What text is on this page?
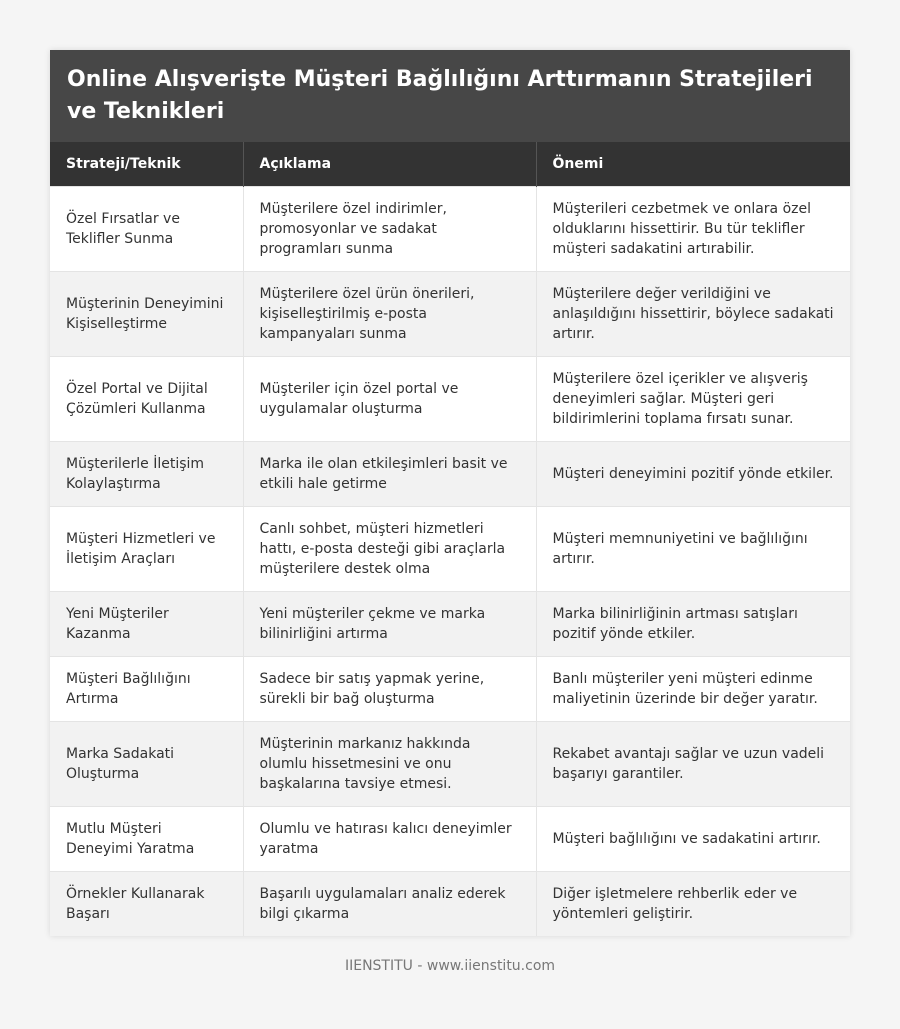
Online Alışverişte Müşteri Bağlılığını Arttırmanın Stratejileri ve Teknikleri
Strateji/Teknik	Açıklama	Önemi
Özel Fırsatlar ve Teklifler Sunma	Müşterilere özel indirimler, promosyonlar ve sadakat programları sunma	Müşterileri cezbetmek ve onlara özel olduklarını hissettirir. Bu tür teklifler müşteri sadakatini artırabilir.
Müşterinin Deneyimini Kişiselleştirme	Müşterilere özel ürün önerileri, kişiselleştirilmiş e-posta kampanyaları sunma	Müşterilere değer verildiğini ve anlaşıldığını hissettirir, böylece sadakati artırır.
Özel Portal ve Dijital Çözümleri Kullanma	Müşteriler için özel portal ve uygulamalar oluşturma	Müşterilere özel içerikler ve alışveriş deneyimleri sağlar. Müşteri geri bildirimlerini toplama fırsatı sunar.
Müşterilerle İletişim Kolaylaştırma	Marka ile olan etkileşimleri basit ve etkili hale getirme	Müşteri deneyimini pozitif yönde etkiler.
Müşteri Hizmetleri ve İletişim Araçları	Canlı sohbet, müşteri hizmetleri hattı, e-posta desteği gibi araçlarla müşterilere destek olma	Müşteri memnuniyetini ve bağlılığını artırır.
Yeni Müşteriler Kazanma	Yeni müşteriler çekme ve marka bilinirliğini artırma	Marka bilinirliğinin artması satışları pozitif yönde etkiler.
Müşteri Bağlılığını Artırma	Sadece bir satış yapmak yerine, sürekli bir bağ oluşturma	Banlı müşteriler yeni müşteri edinme maliyetinin üzerinde bir değer yaratır.
Marka Sadakati Oluşturma	Müşterinin markanız hakkında olumlu hissetmesini ve onu başkalarına tavsiye etmesi.	Rekabet avantajı sağlar ve uzun vadeli başarıyı garantiler.
Mutlu Müşteri Deneyimi Yaratma	Olumlu ve hatırası kalıcı deneyimler yaratma	Müşteri bağlılığını ve sadakatini artırır.
Örnekler Kullanarak Başarı	Başarılı uygulamaları analiz ederek bilgi çıkarma	Diğer işletmelere rehberlik eder ve yöntemleri geliştirir.
IIENSTITU - www.iienstitu.com
